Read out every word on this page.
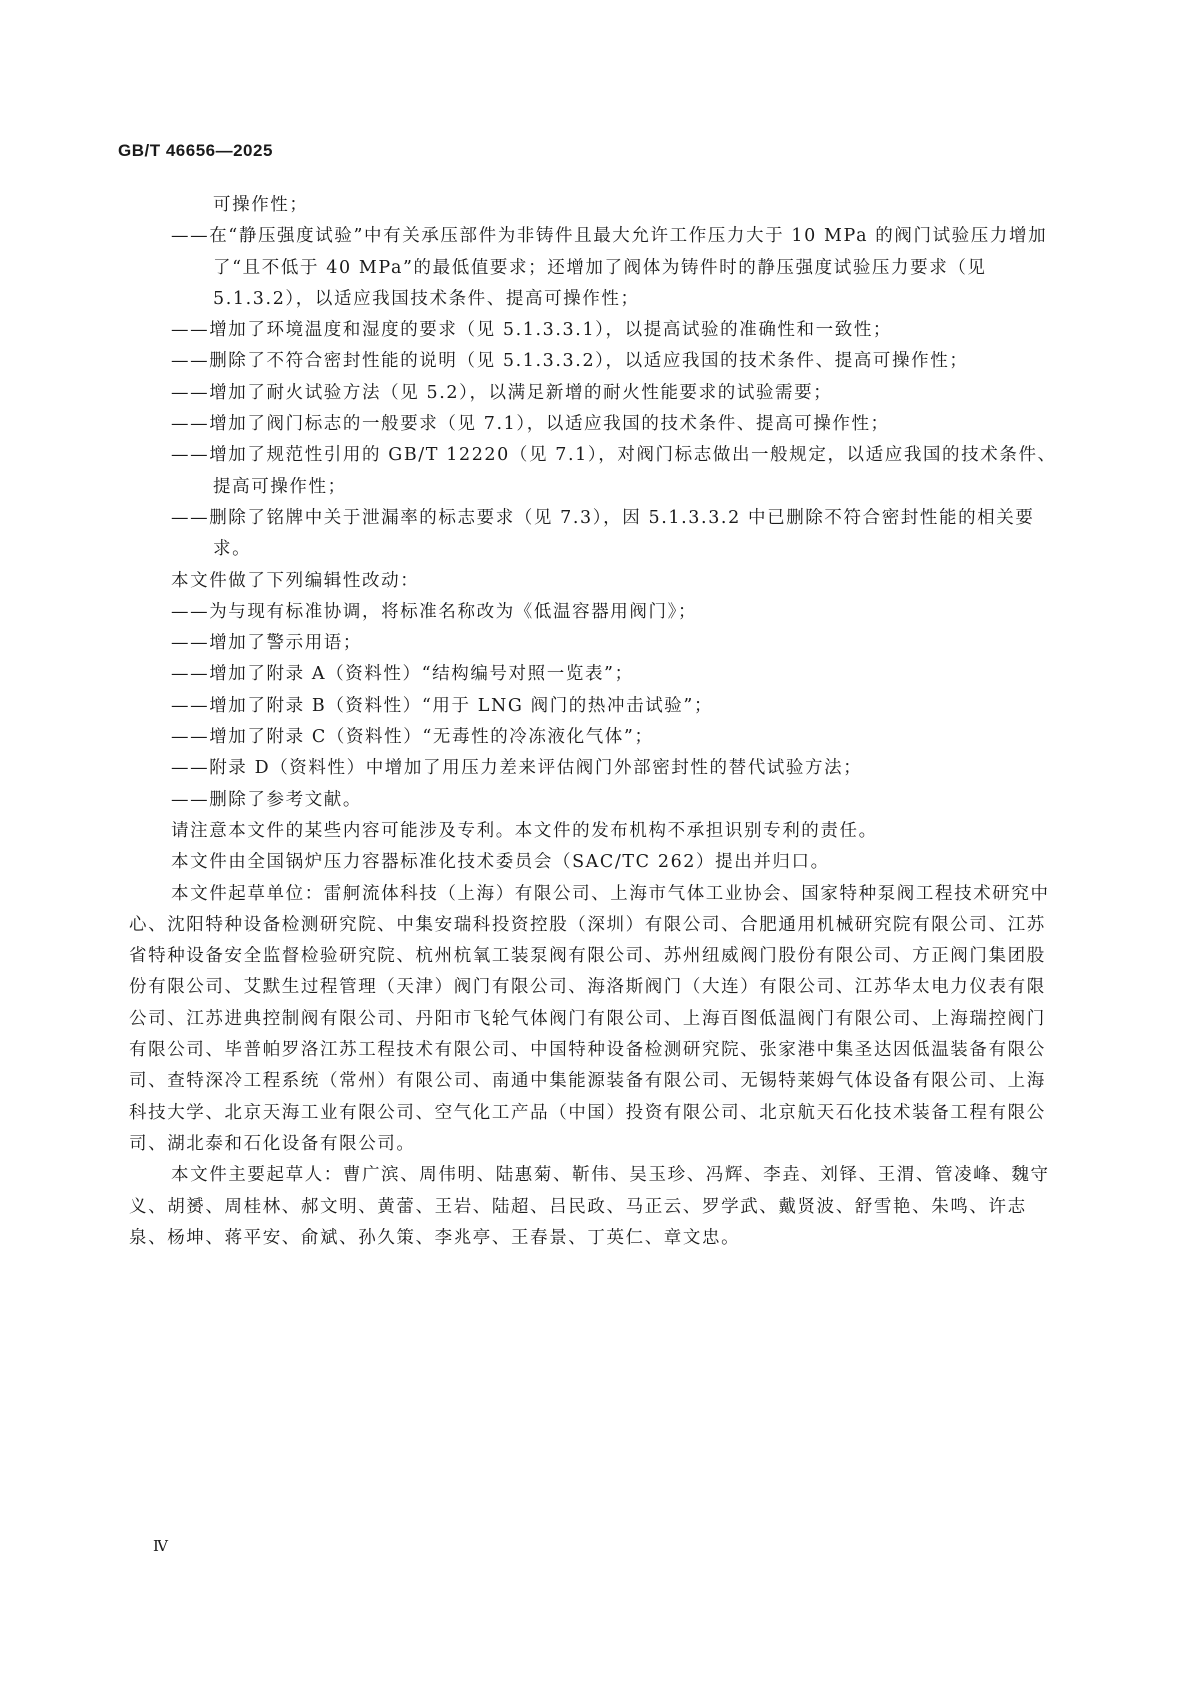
GB/T 46656—2025
可操作性；
——在“静压强度试验”中有关承压部件为非铸件且最大允许工作压力大于 10 MPa 的阀门试验压力增加了“且不低于 40 MPa”的最低值要求；还增加了阀体为铸件时的静压强度试验压力要求（见 5.1.3.2），以适应我国技术条件、提高可操作性；
——增加了环境温度和湿度的要求（见 5.1.3.3.1），以提高试验的准确性和一致性；
——删除了不符合密封性能的说明（见 5.1.3.3.2），以适应我国的技术条件、提高可操作性；
——增加了耐火试验方法（见 5.2），以满足新增的耐火性能要求的试验需要；
——增加了阀门标志的一般要求（见 7.1），以适应我国的技术条件、提高可操作性；
——增加了规范性引用的 GB/T 12220（见 7.1），对阀门标志做出一般规定，以适应我国的技术条件、提高可操作性；
——删除了铭牌中关于泄漏率的标志要求（见 7.3），因 5.1.3.3.2 中已删除不符合密封性能的相关要求。
本文件做了下列编辑性改动：
——为与现有标准协调，将标准名称改为《低温容器用阀门》；
——增加了警示用语；
——增加了附录 A（资料性）“结构编号对照一览表”；
——增加了附录 B（资料性）“用于 LNG 阀门的热冲击试验”；
——增加了附录 C（资料性）“无毒性的冷冻液化气体”；
——附录 D（资料性）中增加了用压力差来评估阀门外部密封性的替代试验方法；
——删除了参考文献。
请注意本文件的某些内容可能涉及专利。本文件的发布机构不承担识别专利的责任。
本文件由全国锅炉压力容器标准化技术委员会（SAC/TC 262）提出并归口。
本文件起草单位：雷舸流体科技（上海）有限公司、上海市气体工业协会、国家特种泵阀工程技术研究中心、沈阳特种设备检测研究院、中集安瑞科投资控股（深圳）有限公司、合肥通用机械研究院有限公司、江苏省特种设备安全监督检验研究院、杭州杭氧工装泵阀有限公司、苏州纽威阀门股份有限公司、方正阀门集团股份有限公司、艾默生过程管理（天津）阀门有限公司、海洛斯阀门（大连）有限公司、江苏华太电力仪表有限公司、江苏进典控制阀有限公司、丹阳市飞轮气体阀门有限公司、上海百图低温阀门有限公司、上海瑞控阀门有限公司、毕普帕罗洛江苏工程技术有限公司、中国特种设备检测研究院、张家港中集圣达因低温装备有限公司、查特深冷工程系统（常州）有限公司、南通中集能源装备有限公司、无锡特莱姆气体设备有限公司、上海科技大学、北京天海工业有限公司、空气化工产品（中国）投资有限公司、北京航天石化技术装备工程有限公司、湖北泰和石化设备有限公司。
本文件主要起草人：曹广滨、周伟明、陆惠菊、靳伟、吴玉珍、冯辉、李垚、刘铎、王渭、管凌峰、魏守义、胡赟、周桂林、郝文明、黄蕾、王岩、陆超、吕民政、马正云、罗学武、戴贤波、舒雪艳、朱鸣、许志泉、杨坤、蒋平安、俞斌、孙久策、李兆亭、王春景、丁英仁、章文忠。
Ⅳ
